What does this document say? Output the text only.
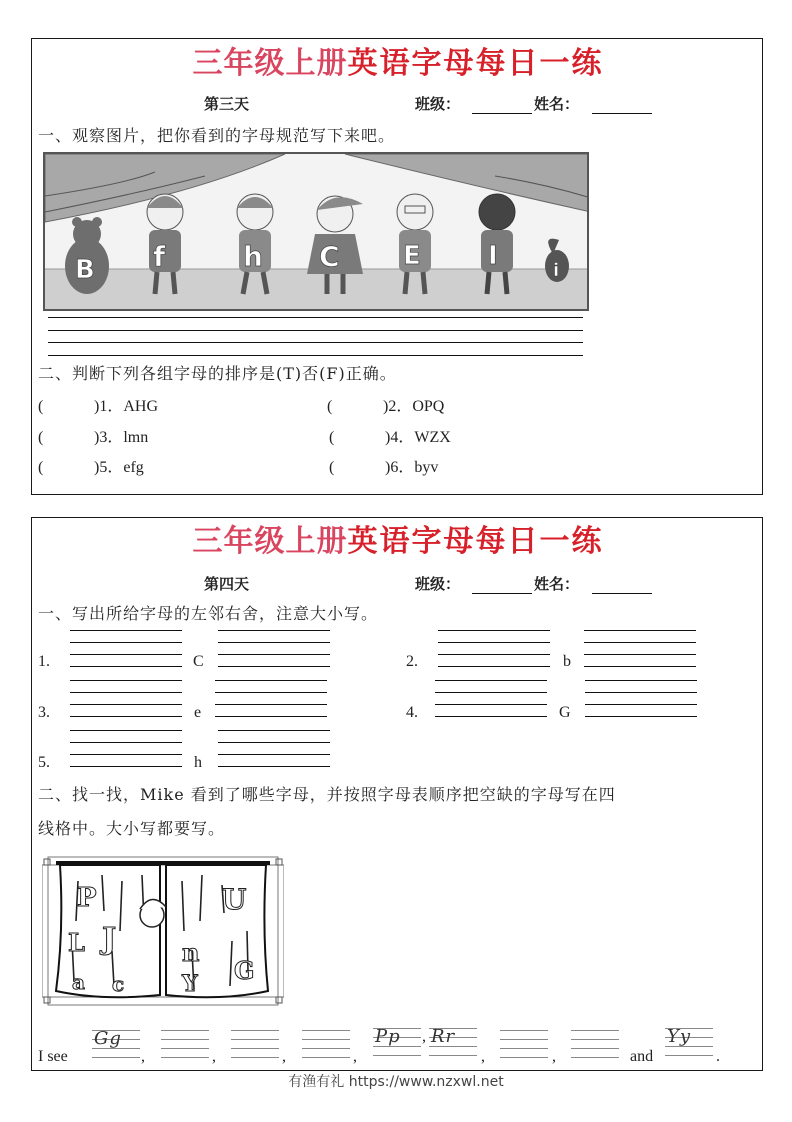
三年级上册英语字母每日一练
第三天	班级：	姓名：
一、观察图片，把你看到的字母规范写下来吧。
B f	h C E	I	i
二、判断下列各组字母的排序是(T)否(F)正确。
(	)1．AHG	(	)2．OPQ
(	)3．lmn	(	)4．WZX
(	)5．efg	(	)6．byv
三年级上册英语字母每日一练
第四天	班级：	姓名：
一、写出所给字母的左邻右舍，注意大小写。
1.	C	2.	b
3.	e	4.	G
5.	h
二、找一找，Mike 看到了哪些字母，并按照字母表顺序把空缺的字母写在四
线格中。大小写都要写。
P	U
L J	n
G
a c	Y
I see
Gg
,	,	,	,
Pp , Rr
,	,	and
Yy
.
有渔有礼 https://www.nzxwl.net
